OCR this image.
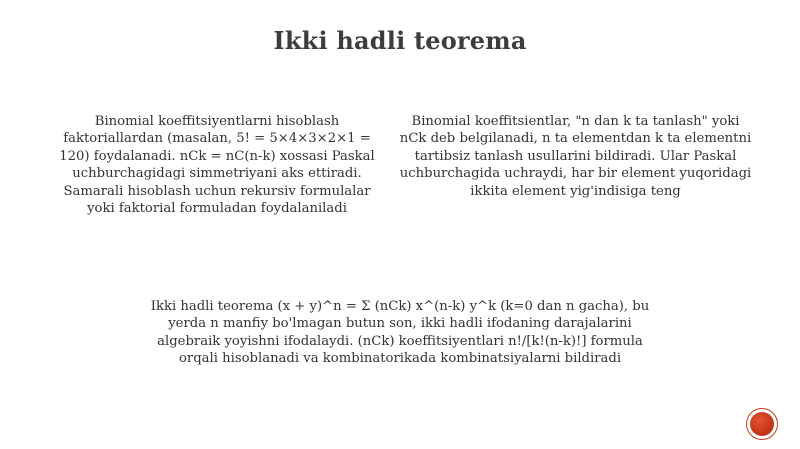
Ikki hadli teorema
Binomial koeffitsiyentlarni hisoblash faktoriallardan (masalan, 5! = 5×4×3×2×1 = 120) foydalanadi. nCk = nC(n-k) xossasi Paskal uchburchagidagi simmetriyani aks ettiradi. Samarali hisoblash uchun rekursiv formulalar yoki faktorial formuladan foydalaniladi
Binomial koeffitsientlar, "n dan k ta tanlash" yoki nCk deb belgilanadi, n ta elementdan k ta elementni tartibsiz tanlash usullarini bildiradi. Ular Paskal uchburchagida uchraydi, har bir element yuqoridagi ikkita element yig'indisiga teng
Ikki hadli teorema (x + y)^n = Σ (nCk) x^(n-k) y^k (k=0 dan n gacha), bu yerda n manfiy bo'lmagan butun son, ikki hadli ifodaning darajalarini algebraik yoyishni ifodalaydi. (nCk) koeffitsiyentlari n!/[k!(n-k)!] formula orqali hisoblanadi va kombinatorikada kombinatsiyalarni bildiradi
